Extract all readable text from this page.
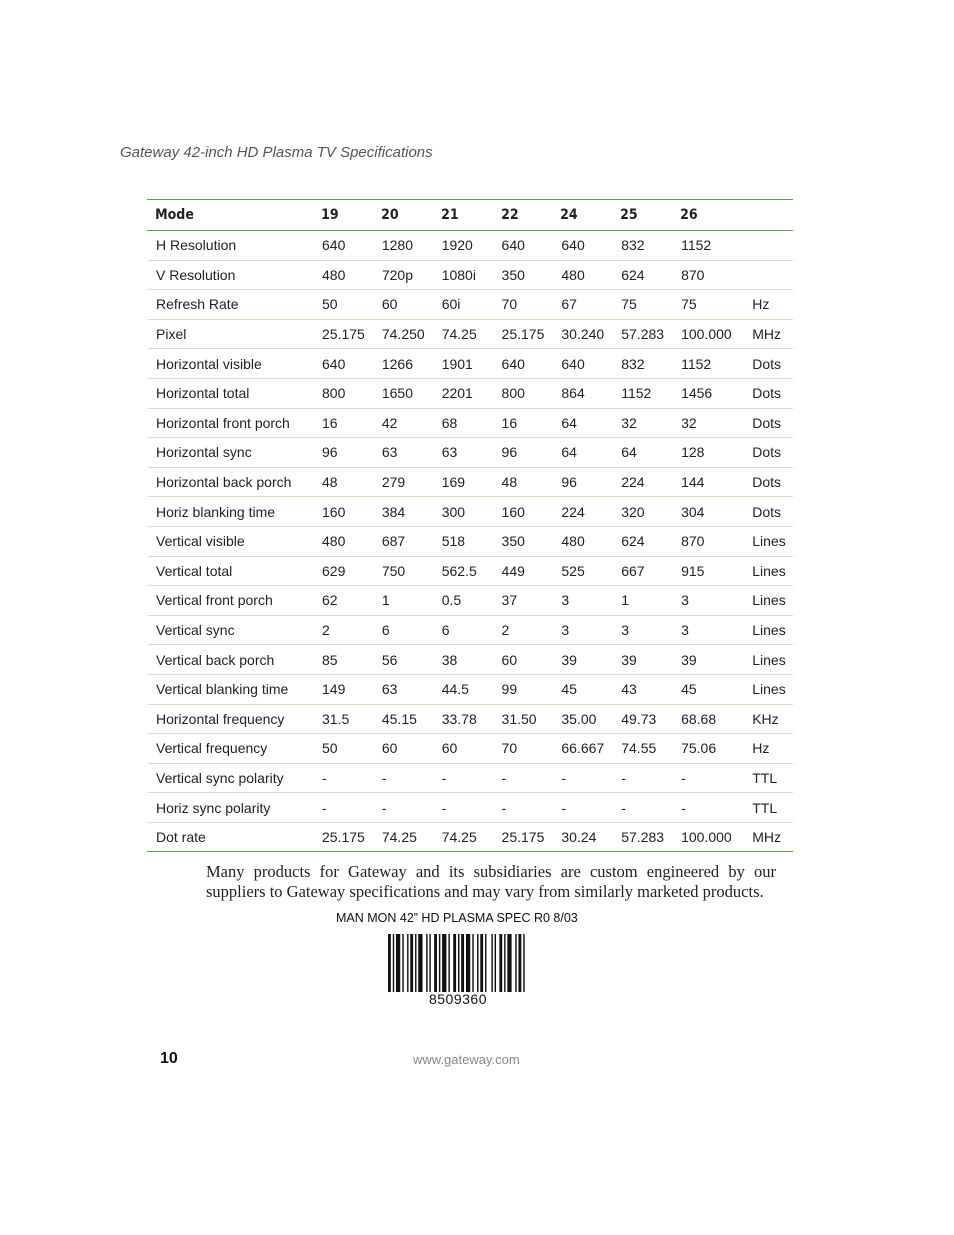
Gateway 42-inch HD Plasma TV Specifications
Mode	19	20	21	22	24	25	26	
H Resolution	640	1280	1920	640	640	832	1152	
V Resolution	480	720p	1080i	350	480	624	870	
Refresh Rate	50	60	60i	70	67	75	75	Hz
Pixel	25.175	74.250	74.25	25.175	30.240	57.283	100.000	MHz
Horizontal visible	640	1266	1901	640	640	832	1152	Dots
Horizontal total	800	1650	2201	800	864	1152	1456	Dots
Horizontal front porch	16	42	68	16	64	32	32	Dots
Horizontal sync	96	63	63	96	64	64	128	Dots
Horizontal back porch	48	279	169	48	96	224	144	Dots
Horiz blanking time	160	384	300	160	224	320	304	Dots
Vertical visible	480	687	518	350	480	624	870	Lines
Vertical total	629	750	562.5	449	525	667	915	Lines
Vertical front porch	62	1	0.5	37	3	1	3	Lines
Vertical sync	2	6	6	2	3	3	3	Lines
Vertical back porch	85	56	38	60	39	39	39	Lines
Vertical blanking time	149	63	44.5	99	45	43	45	Lines
Horizontal frequency	31.5	45.15	33.78	31.50	35.00	49.73	68.68	KHz
Vertical frequency	50	60	60	70	66.667	74.55	75.06	Hz
Vertical sync polarity	-	-	-	-	-	-	-	TTL
Horiz sync polarity	-	-	-	-	-	-	-	TTL
Dot rate	25.175	74.25	74.25	25.175	30.24	57.283	100.000	MHz
Many products for Gateway and its subsidiaries are custom engineered by our suppliers to Gateway specifications and may vary from similarly marketed products.
MAN MON 42” HD PLASMA SPEC R0 8/03
8509360
10	www.gateway.com
